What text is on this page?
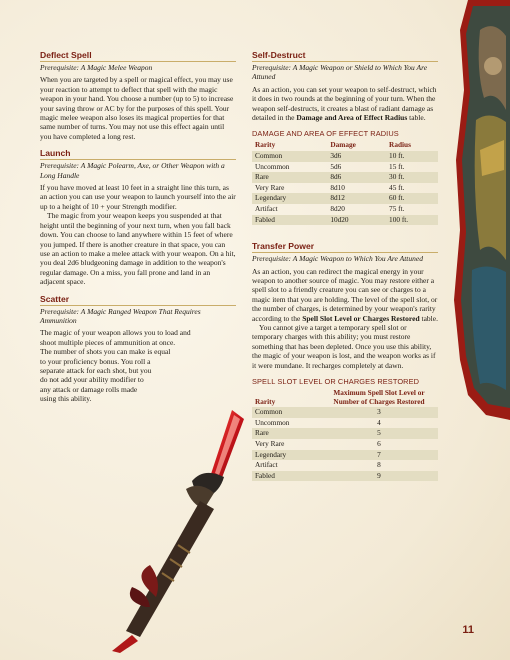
Deflect Spell

Prerequisite: A Magic Melee Weapon

When you are targeted by a spell or magical effect, you may use your reaction to attempt to deflect that spell with the magic weapon in your hand. You choose a number (up to 5) to increase your saving throw or AC by for the purposes of this spell. Your magic melee weapon also loses its magical properties for that same number of turns. You may not use this effect again until you have completed a long rest.

Launch

Prerequisite: A Magic Polearm, Axe, or Other Weapon with a Long Handle

If you have moved at least 10 feet in a straight line this turn, as an action you can use your weapon to launch yourself into the air up to a height of 10 + your Strength modifier.

The magic from your weapon keeps you suspended at that height until the beginning of your next turn, when you fall back down. You can choose to land anywhere within 15 feet of where you jumped. If there is another creature in that space, you can use an action to make a melee attack with your weapon. On a hit, you deal 2d6 bludgeoning damage in addition to the weapon's regular damage. On a miss, you fall prone and land in an adjacent space.

Scatter

Prerequisite: A Magic Ranged Weapon That Requires Ammunition

The magic of your weapon allows you to load and

shoot multiple pieces of ammunition at once.

The number of shots you can make is equal

to your proficiency bonus. You roll a

separate attack for each shot, but you

do not add your ability modifier to

any attack or damage rolls made

using this ability.

Self-Destruct

Prerequisite: A Magic Weapon or Shield to Which You Are Attuned

As an action, you can set your weapon to self-destruct, which it does in two rounds at the beginning of your turn. When the weapon self-destructs, it creates a blast of radiant damage as detailed in the Damage and Area of Effect Radius table.

DAMAGE AND AREA OF EFFECT RADIUS
Rarity	Damage	Radius
Common	3d6	10 ft.
Uncommon	5d6	15 ft.
Rare	8d6	30 ft.
Very Rare	8d10	45 ft.
Legendary	8d12	60 ft.
Artifact	8d20	75 ft.
Fabled	10d20	100 ft.
Transfer Power

Prerequisite: A Magic Weapon to Which You Are Attuned

As an action, you can redirect the magical energy in your weapon to another source of magic. You may restore either a spell slot to a friendly creature you can see or charges to a magic item that you are holding. The level of the spell slot, or the number of charges, is determined by your weapon's rarity according to the Spell Slot Level or Charges Restored table.

You cannot give a target a temporary spell slot or temporary charges with this ability; you must restore something that has been depleted. Once you use this ability, the magic of your weapon is lost, and the weapon works as if it were mundane. It recharges completely at dawn.

SPELL SLOT LEVEL OR CHARGES RESTORED
Rarity	Maximum Spell Slot Level or Number of Charges Restored
Common	3
Uncommon	4
Rare	5
Very Rare	6
Legendary	7
Artifact	8
Fabled	9
11
